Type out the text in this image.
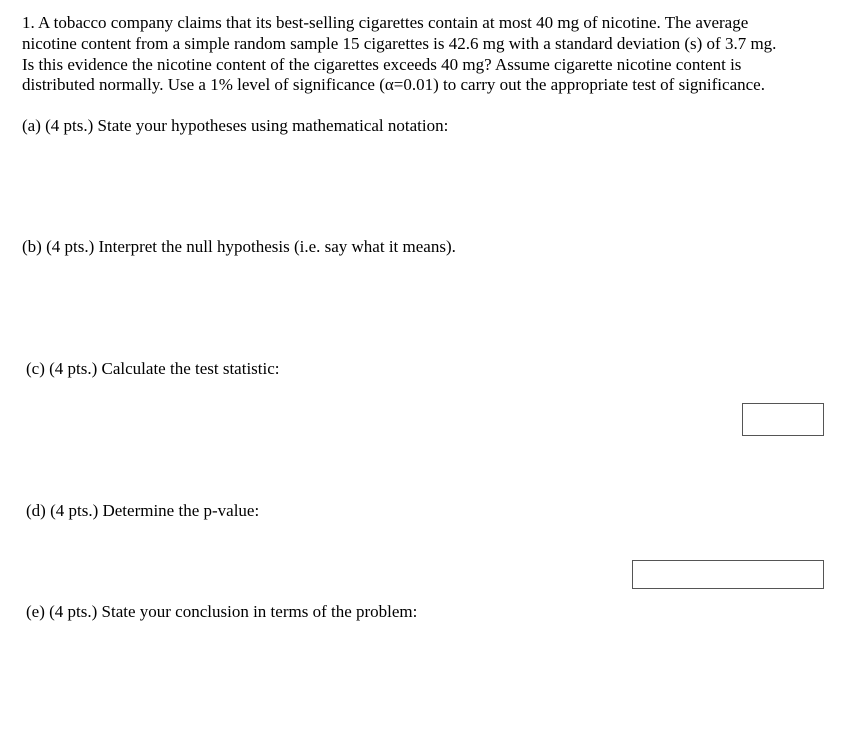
1. A tobacco company claims that its best-selling cigarettes contain at most 40 mg of nicotine. The average
nicotine content from a simple random sample 15 cigarettes is 42.6 mg with a standard deviation (s) of 3.7 mg.
Is this evidence the nicotine content of the cigarettes exceeds 40 mg? Assume cigarette nicotine content is
distributed normally. Use a 1% level of significance (α=0.01) to carry out the appropriate test of significance.
(a) (4 pts.) State your hypotheses using mathematical notation:
(b) (4 pts.) Interpret the null hypothesis (i.e. say what it means).
(c) (4 pts.) Calculate the test statistic:
(d) (4 pts.) Determine the p-value:
(e) (4 pts.) State your conclusion in terms of the problem:
